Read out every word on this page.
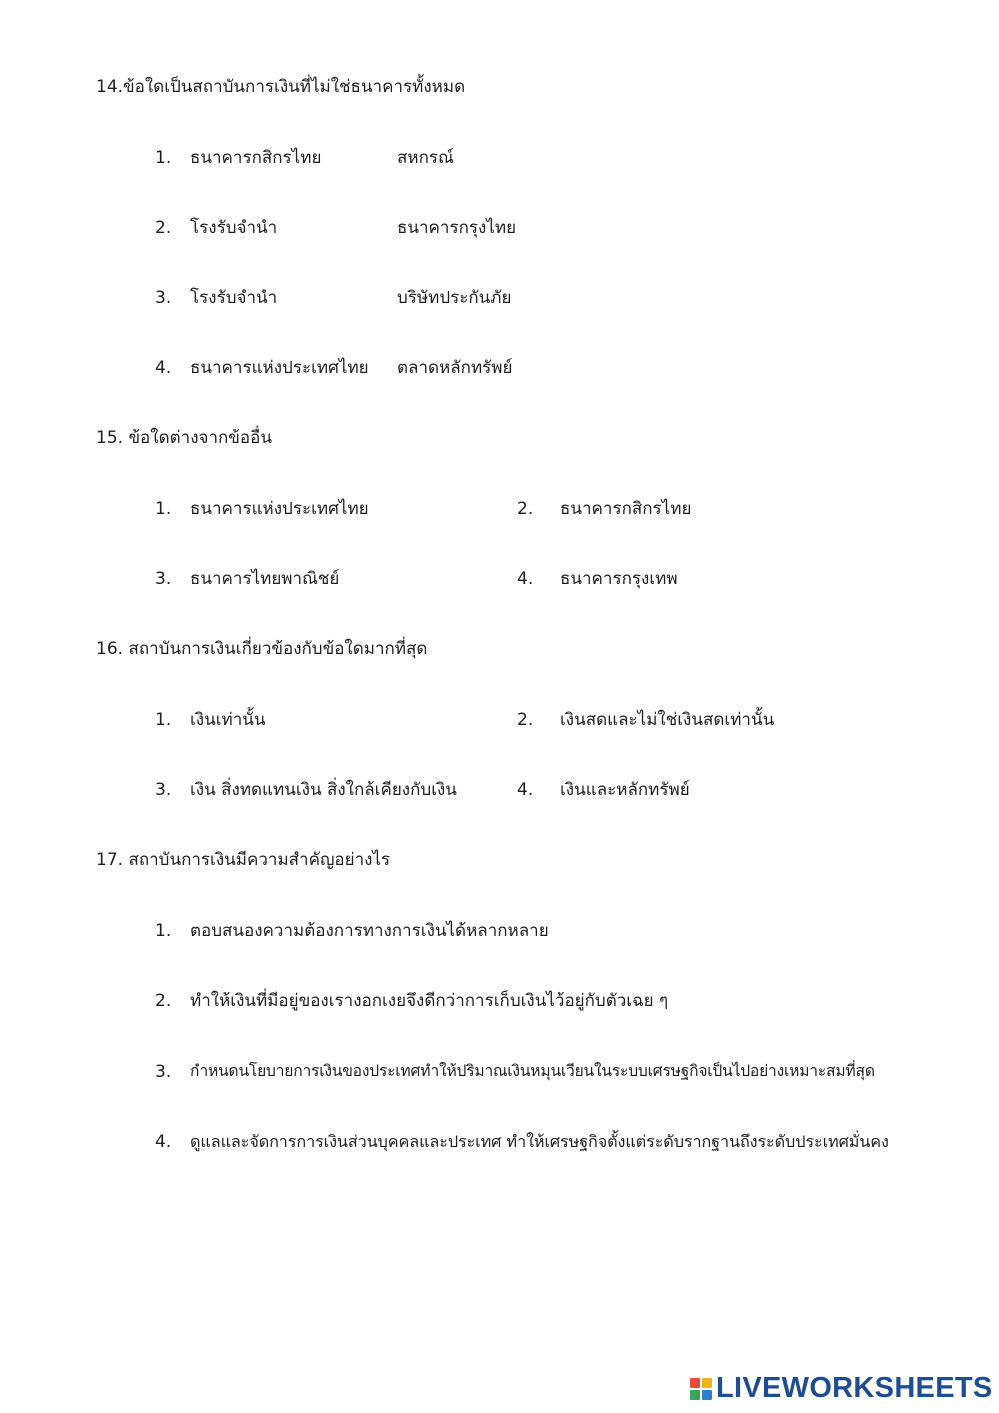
14.ข้อใดเป็นสถาบันการเงินที่ไม่ใช่ธนาคารทั้งหมด
1. ธนาคารกสิกรไทย	สหกรณ์
2. โรงรับจำนำ	ธนาคารกรุงไทย
3. โรงรับจำนำ	บริษัทประกันภัย
4. ธนาคารแห่งประเทศไทย ตลาดหลักทรัพย์
15. ข้อใดต่างจากข้ออื่น
1. ธนาคารแห่งประเทศไทย	2. ธนาคารกสิกรไทย
3. ธนาคารไทยพาณิชย์	4. ธนาคารกรุงเทพ
16. สถาบันการเงินเกี่ยวข้องกับข้อใดมากที่สุด
1. เงินเท่านั้น	2. เงินสดและไม่ใช่เงินสดเท่านั้น
3. เงิน สิ่งทดแทนเงิน สิ่งใกล้เคียงกับเงิน	4. เงินและหลักทรัพย์
17. สถาบันการเงินมีความสำคัญอย่างไร
1. ตอบสนองความต้องการทางการเงินได้หลากหลาย
2. ทำให้เงินที่มีอยู่ของเรางอกเงยจึงดีกว่าการเก็บเงินไว้อยู่กับตัวเฉย ๆ
3. กำหนดนโยบายการเงินของประเทศทำให้ปริมาณเงินหมุนเวียนในระบบเศรษฐกิจเป็นไปอย่างเหมาะสมที่สุด
4. ดูแลและจัดการการเงินส่วนบุคคลและประเทศ ทำให้เศรษฐกิจตั้งแต่ระดับรากฐานถึงระดับประเทศมั่นคง
LIVEWORKSHEETS
